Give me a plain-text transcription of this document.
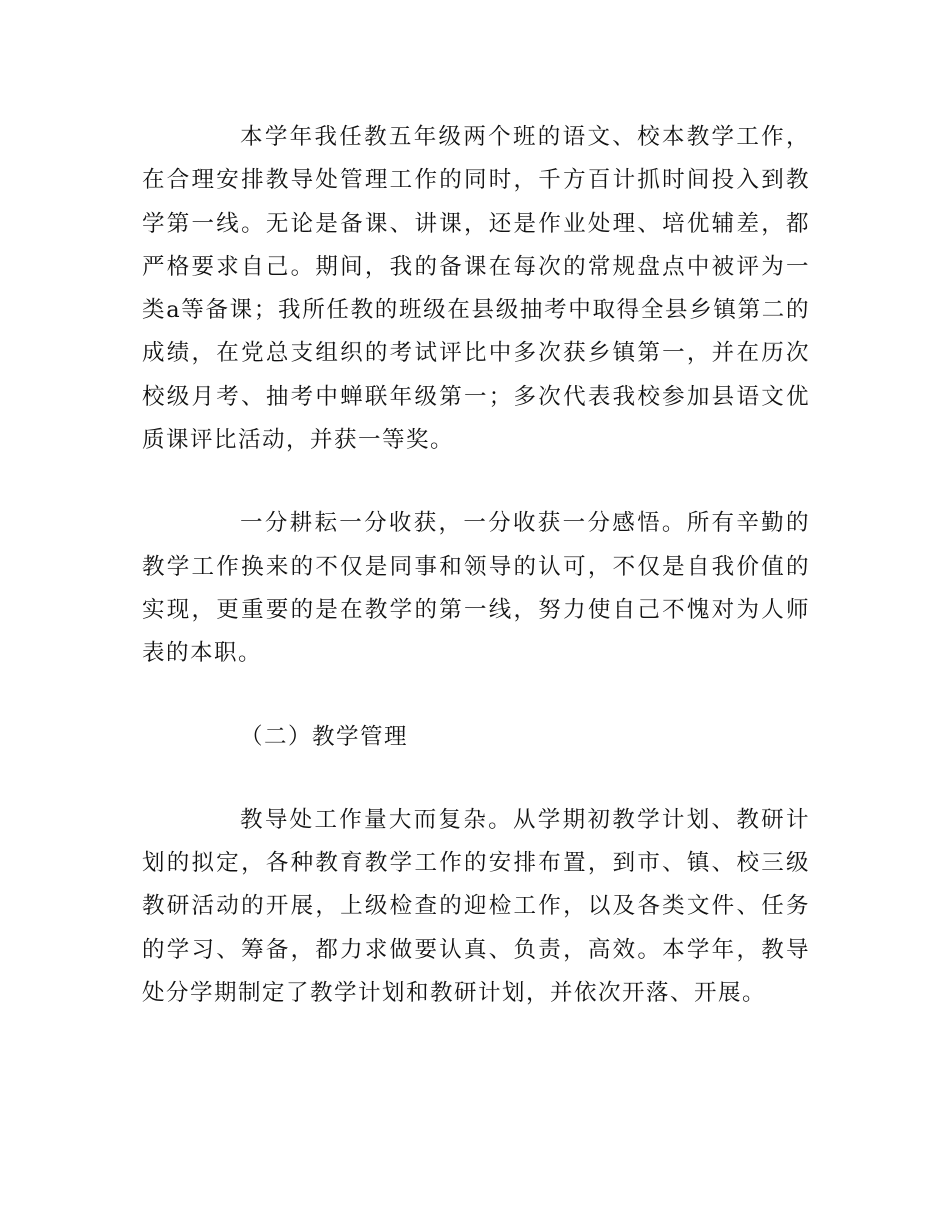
本学年我任教五年级两个班的语文、校本教学工作，在合理安排教导处管理工作的同时，千方百计抓时间投入到教学第一线。无论是备课、讲课，还是作业处理、培优辅差，都严格要求自己。期间，我的备课在每次的常规盘点中被评为一类a等备课；我所任教的班级在县级抽考中取得全县乡镇第二的成绩，在党总支组织的考试评比中多次获乡镇第一，并在历次校级月考、抽考中蝉联年级第一；多次代表我校参加县语文优质课评比活动，并获一等奖。

一分耕耘一分收获，一分收获一分感悟。所有辛勤的教学工作换来的不仅是同事和领导的认可，不仅是自我价值的实现，更重要的是在教学的第一线，努力使自己不愧对为人师表的本职。

（二）教学管理

教导处工作量大而复杂。从学期初教学计划、教研计划的拟定，各种教育教学工作的安排布置，到市、镇、校三级教研活动的开展，上级检查的迎检工作，以及各类文件、任务的学习、筹备，都力求做要认真、负责，高效。本学年，教导处分学期制定了教学计划和教研计划，并依次开落、开展。
